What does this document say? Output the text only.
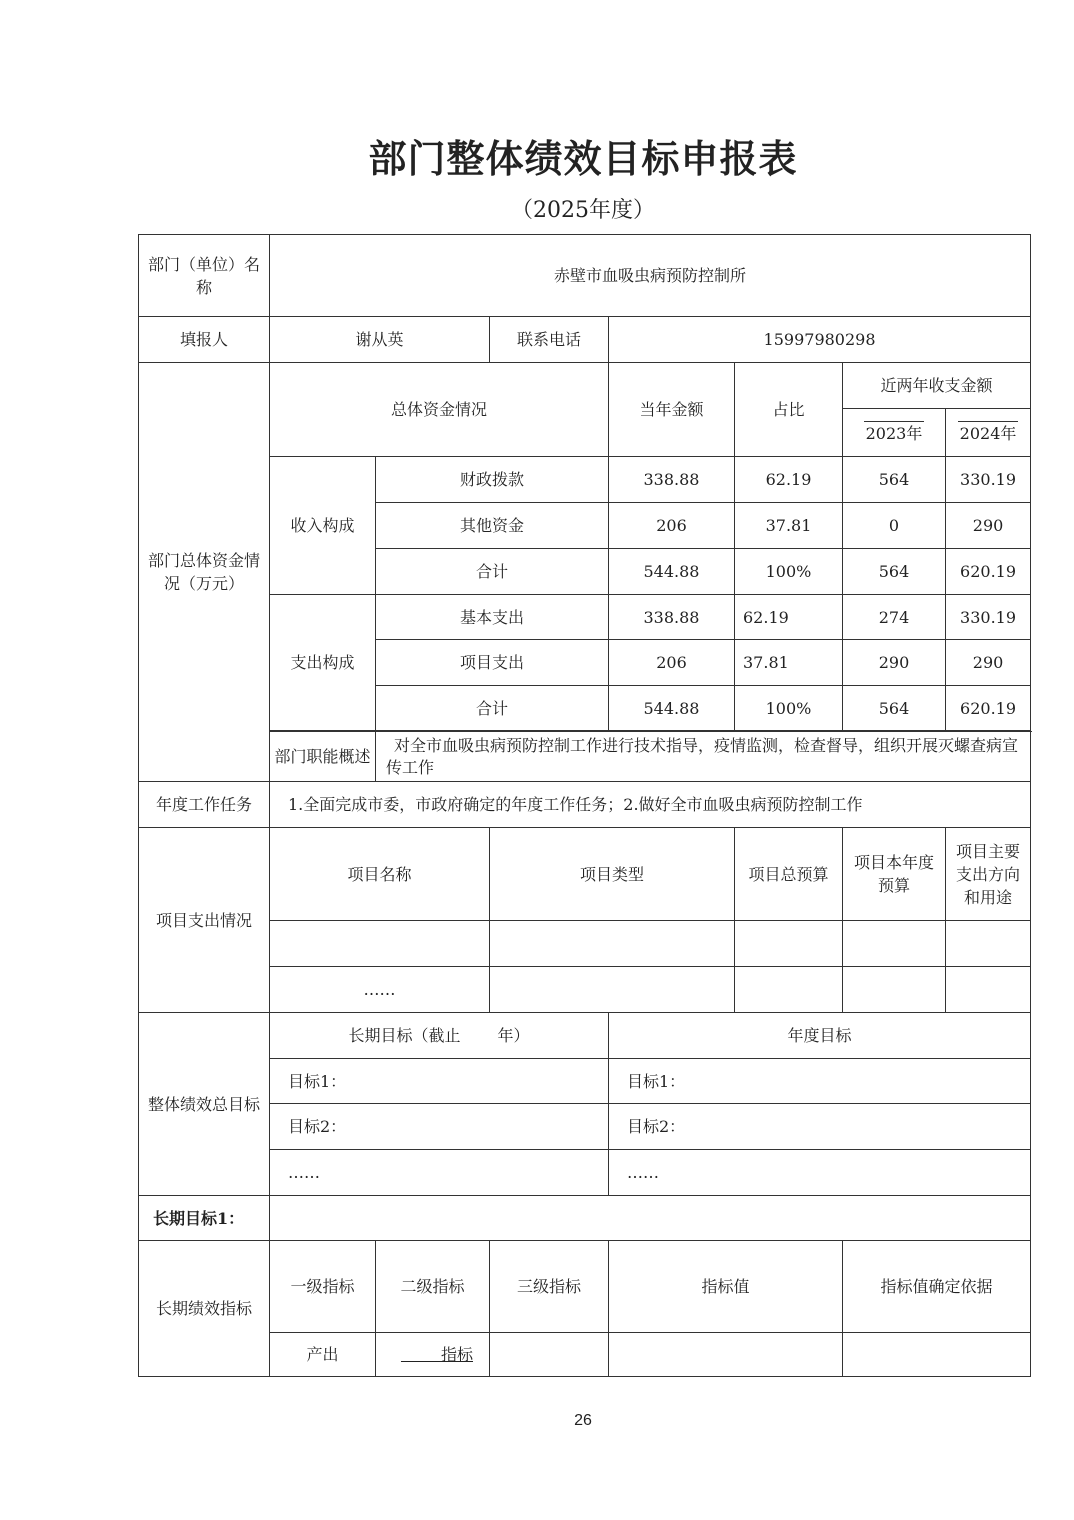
部门整体绩效目标申报表
（2025年度）
部门（单位）名称	赤壁市血吸虫病预防控制所						
填报人	谢从英		联系电话	15997980298			
部门总体资金情况（万元）	总体资金情况			当年金额	占比	近两年收支金额	
						2023年	2024年
	收入构成	财政拨款		338.88	62.19	564	330.19
		其他资金		206	37.81	0	290
		合计		544.88	100%	564	620.19
	支出构成	基本支出		338.88	62.19	274	330.19
		项目支出		206	37.81	290	290
		合计		544.88	100%	564	620.19

	部门职能概述	对全市血吸虫病预防控制工作进行技术指导，疫情监测，检查督导，组织开展灭螺查病宣传工作					
年度工作任务	1.全面完成市委，市政府确定的年度工作任务；2.做好全市血吸虫病预防控制工作						
项目支出情况	项目名称		项目类型		项目总预算	项目本年度预算	项目主要支出方向和用途

	……						
整体绩效总目标	长期目标（截止　　 年）			年度目标			
	目标1：			目标1：			
	目标2：			目标2：			
	……			……			
长期目标1：							
长期绩效指标	一级指标	二级指标	三级指标	指标值		指标值确定依据	
	产出	　　 指标					
26
